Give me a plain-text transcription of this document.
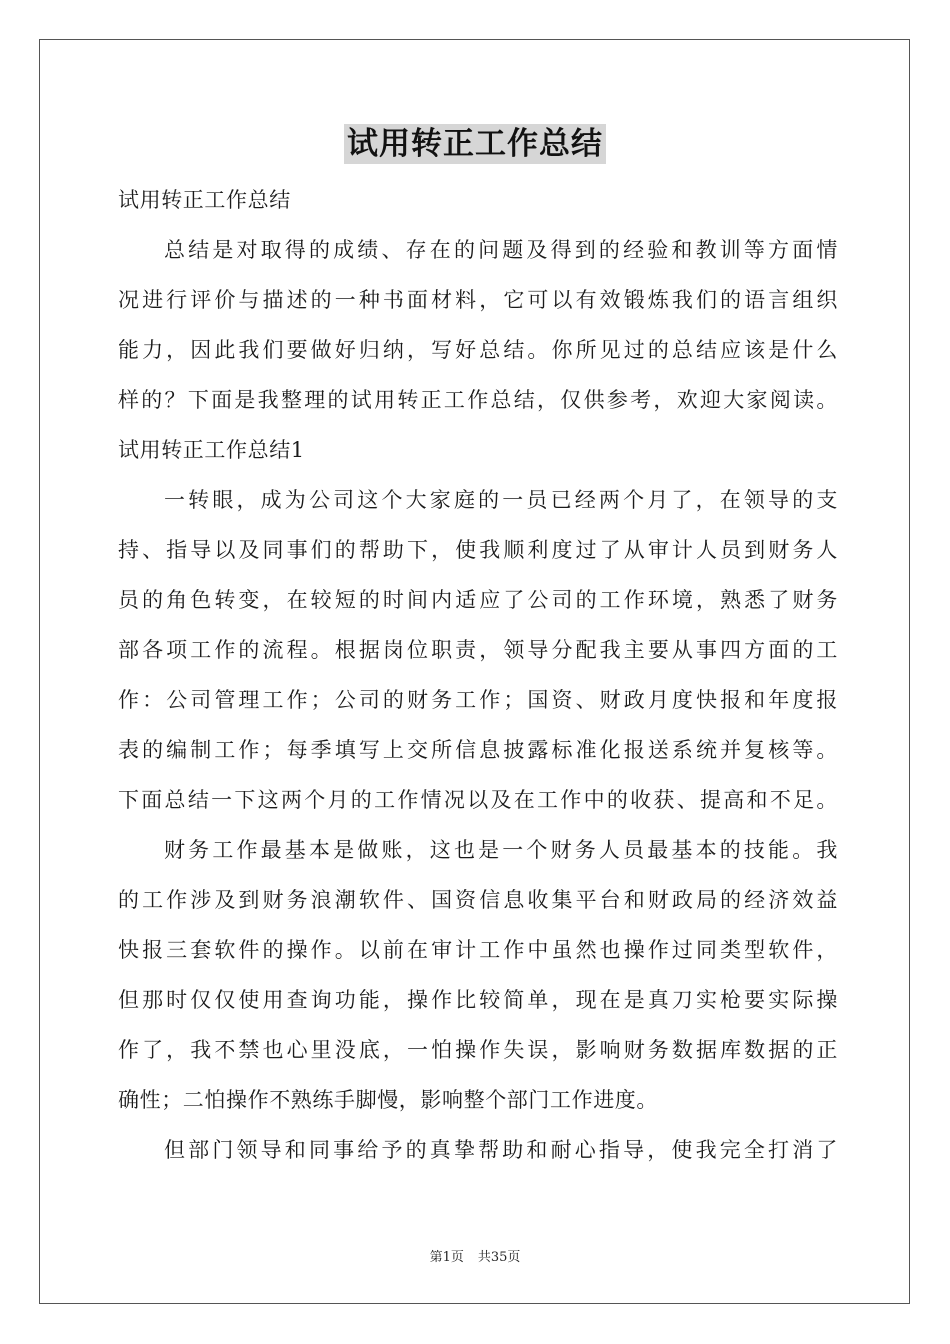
试用转正工作总结
试用转正工作总结
总结是对取得的成绩、存在的问题及得到的经验和教训等方面情
况进行评价与描述的一种书面材料，它可以有效锻炼我们的语言组织
能力，因此我们要做好归纳，写好总结。你所见过的总结应该是什么
样的？下面是我整理的试用转正工作总结，仅供参考，欢迎大家阅读。
试用转正工作总结1
一转眼，成为公司这个大家庭的一员已经两个月了，在领导的支
持、指导以及同事们的帮助下，使我顺利度过了从审计人员到财务人
员的角色转变，在较短的时间内适应了公司的工作环境，熟悉了财务
部各项工作的流程。根据岗位职责，领导分配我主要从事四方面的工
作：公司管理工作；公司的财务工作；国资、财政月度快报和年度报
表的编制工作；每季填写上交所信息披露标准化报送系统并复核等。
下面总结一下这两个月的工作情况以及在工作中的收获、提高和不足。
财务工作最基本是做账，这也是一个财务人员最基本的技能。我
的工作涉及到财务浪潮软件、国资信息收集平台和财政局的经济效益
快报三套软件的操作。以前在审计工作中虽然也操作过同类型软件，
但那时仅仅使用查询功能，操作比较简单，现在是真刀实枪要实际操
作了，我不禁也心里没底，一怕操作失误，影响财务数据库数据的正
确性；二怕操作不熟练手脚慢，影响整个部门工作进度。
但部门领导和同事给予的真挚帮助和耐心指导，使我完全打消了
第1页 共35页
